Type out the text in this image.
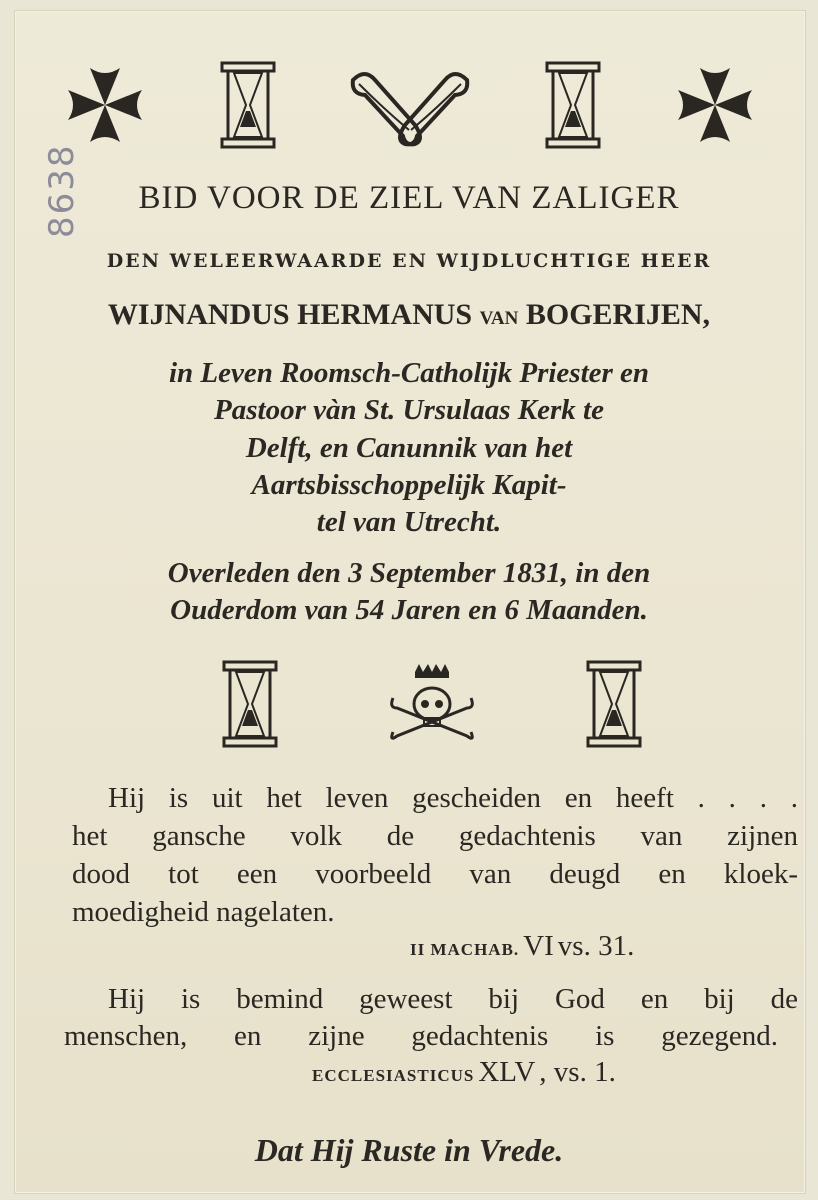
8638	BID VOOR DE ZIEL VAN ZALIGER
DEN WELEERWAARDE EN WIJDLUCHTIGE HEER
WIJNANDUS HERMANUS VAN BOGERIJEN,
in Leven Roomsch-Catholijk Priester en
Pastoor vàn St. Ursulaas Kerk te
Delft, en Canunnik van het
Aartsbisschoppelijk Kapit-
tel van Utrecht.
Overleden den 3 September 1831, in den
Ouderdom van 54 Jaren en 6 Maanden.
Hij is uit het leven gescheiden en heeft . . . .
het gansche volk de gedachtenis van zijnen
dood tot een voorbeeld van deugd en kloek-
moedigheid nagelaten.
II MACHAB. VI vs. 31.
Hij is bemind geweest bij God en bij de
menschen, en zijne gedachtenis is gezegend.
ECCLESIASTICUS XLV , vs. 1.
Dat Hij Ruste in Vrede.
